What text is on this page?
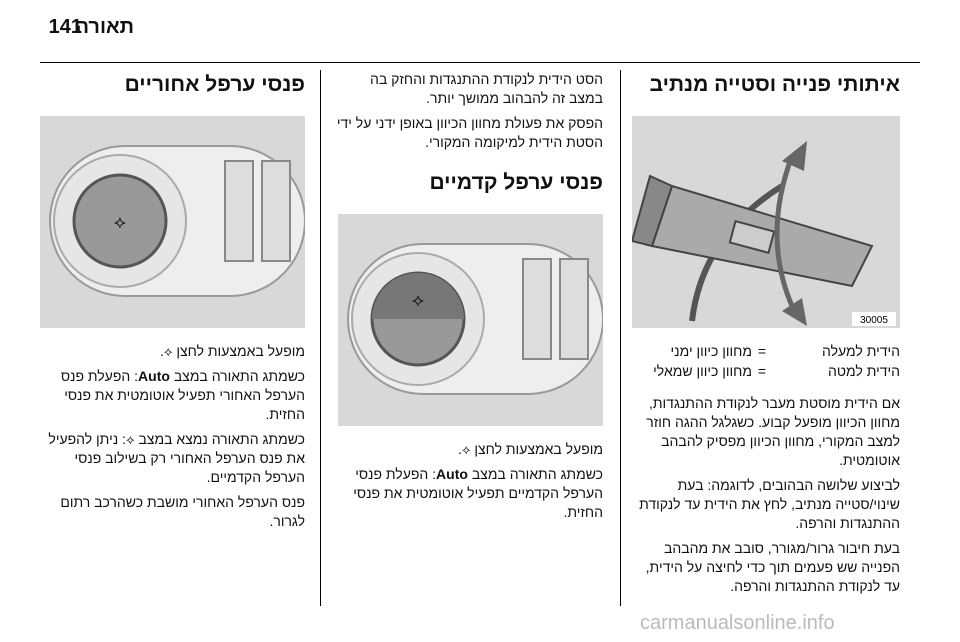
תאורה
141
איתותי פנייה וסטייה מנתיב
30005
הידית למעלה
=
מחוון כיוון ימני
הידית למטה
=
מחוון כיוון שמאלי

אם הידית מוסטת מעבר לנקודת ההתנגדות, מחוון הכיוון מופעל קבוע. כשגלגל ההגה חוזר למצב המקורי, מחוון הכיוון מפסיק להבהב אוטומטית.

לביצוע שלושה הבהובים, לדוגמה: בעת שינוי/סטייה מנתיב, לחץ את הידית עד לנקודת ההתנגדות והרפה.

בעת חיבור גרור/מגורר, סובב את מהבהב הפנייה שש פעמים תוך כדי לחיצה על הידית, עד לנקודת ההתנגדות והרפה.

הסט הידית לנקודת ההתנגדות והחזק בה במצב זה להבהוב ממושך יותר.

הפסק את פעולת מחוון הכיוון באופן ידני על ידי הסטת הידית למיקומה המקורי.

פנסי ערפל קדמיים
⟡

מופעל באמצעות לחצן ⟡.

כשמתג התאורה במצב Auto: הפעלת פנסי הערפל הקדמיים תפעיל אוטומטית את פנסי החזית.

פנסי ערפל אחוריים
⟡

מופעל באמצעות לחצן ⟡.

כשמתג התאורה במצב Auto: הפעלת פנס הערפל האחורי תפעיל אוטומטית את פנסי החזית.

כשמתג התאורה נמצא במצב ⟡: ניתן להפעיל את פנס הערפל האחורי רק בשילוב פנסי הערפל הקדמיים.

פנס הערפל האחורי מושבת כשהרכב רתום לגרור.

carmanualsonline.info
